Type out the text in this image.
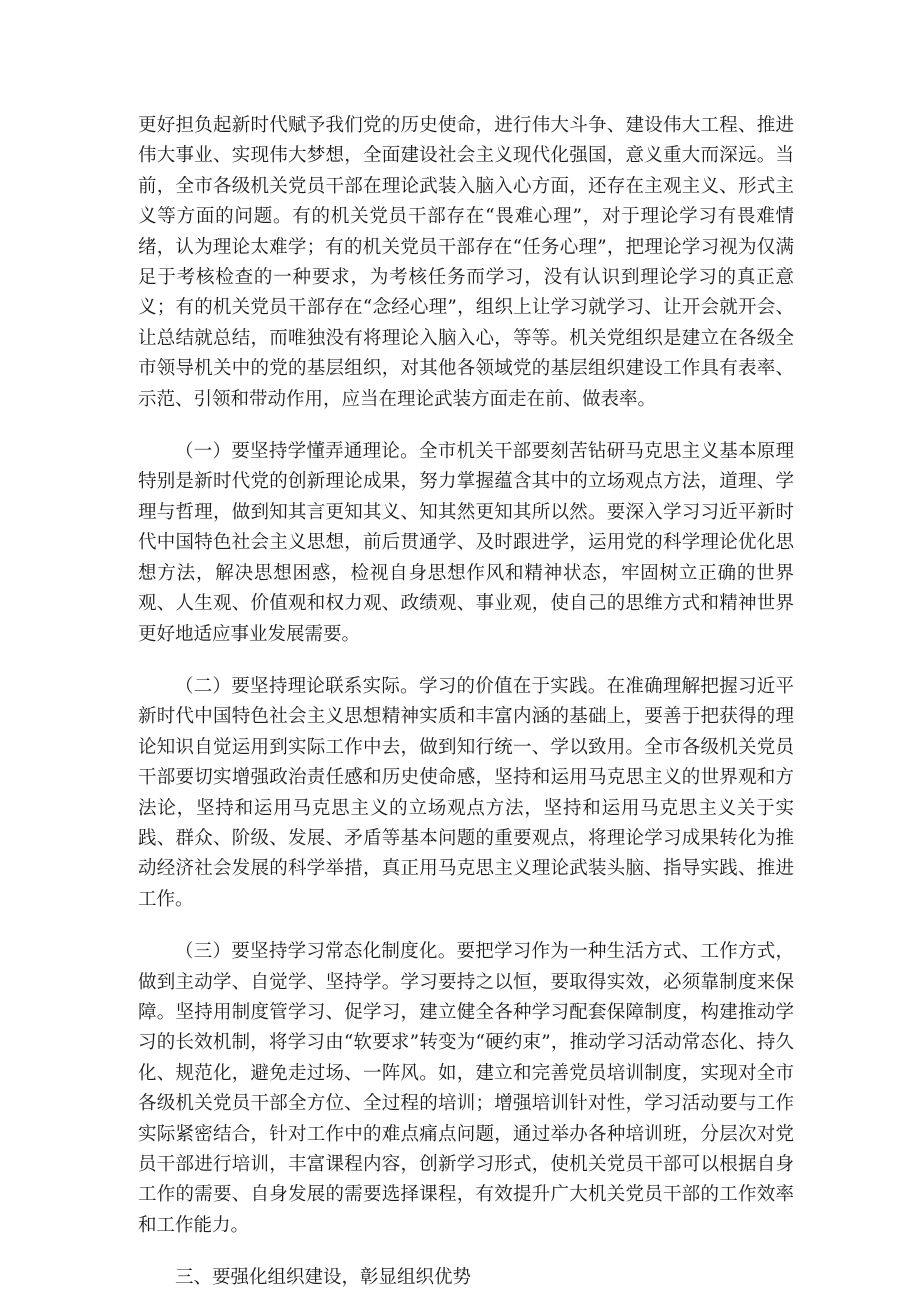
更好担负起新时代赋予我们党的历史使命，进行伟大斗争、建设伟大工程、推进伟大事业、实现伟大梦想，全面建设社会主义现代化强国，意义重大而深远。当前，全市各级机关党员干部在理论武装入脑入心方面，还存在主观主义、形式主义等方面的问题。有的机关党员干部存在“畏难心理”，对于理论学习有畏难情绪，认为理论太难学；有的机关党员干部存在“任务心理”，把理论学习视为仅满足于考核检查的一种要求，为考核任务而学习，没有认识到理论学习的真正意义；有的机关党员干部存在“念经心理”，组织上让学习就学习、让开会就开会、让总结就总结，而唯独没有将理论入脑入心，等等。机关党组织是建立在各级全市领导机关中的党的基层组织，对其他各领域党的基层组织建设工作具有表率、示范、引领和带动作用，应当在理论武装方面走在前、做表率。

（一）要坚持学懂弄通理论。全市机关干部要刻苦钻研马克思主义基本原理特别是新时代党的创新理论成果，努力掌握蕴含其中的立场观点方法，道理、学理与哲理，做到知其言更知其义、知其然更知其所以然。要深入学习习近平新时代中国特色社会主义思想，前后贯通学、及时跟进学，运用党的科学理论优化思想方法，解决思想困惑，检视自身思想作风和精神状态，牢固树立正确的世界观、人生观、价值观和权力观、政绩观、事业观，使自己的思维方式和精神世界更好地适应事业发展需要。

（二）要坚持理论联系实际。学习的价值在于实践。在准确理解把握习近平新时代中国特色社会主义思想精神实质和丰富内涵的基础上，要善于把获得的理论知识自觉运用到实际工作中去，做到知行统一、学以致用。全市各级机关党员干部要切实增强政治责任感和历史使命感，坚持和运用马克思主义的世界观和方法论，坚持和运用马克思主义的立场观点方法，坚持和运用马克思主义关于实践、群众、阶级、发展、矛盾等基本问题的重要观点，将理论学习成果转化为推动经济社会发展的科学举措，真正用马克思主义理论武装头脑、指导实践、推进工作。

（三）要坚持学习常态化制度化。要把学习作为一种生活方式、工作方式，做到主动学、自觉学、坚持学。学习要持之以恒，要取得实效，必须靠制度来保障。坚持用制度管学习、促学习，建立健全各种学习配套保障制度，构建推动学习的长效机制，将学习由“软要求”转变为“硬约束”，推动学习活动常态化、持久化、规范化，避免走过场、一阵风。如，建立和完善党员培训制度，实现对全市各级机关党员干部全方位、全过程的培训；增强培训针对性，学习活动要与工作实际紧密结合，针对工作中的难点痛点问题，通过举办各种培训班，分层次对党员干部进行培训，丰富课程内容，创新学习形式，使机关党员干部可以根据自身工作的需要、自身发展的需要选择课程，有效提升广大机关党员干部的工作效率和工作能力。

三、要强化组织建设，彰显组织优势
